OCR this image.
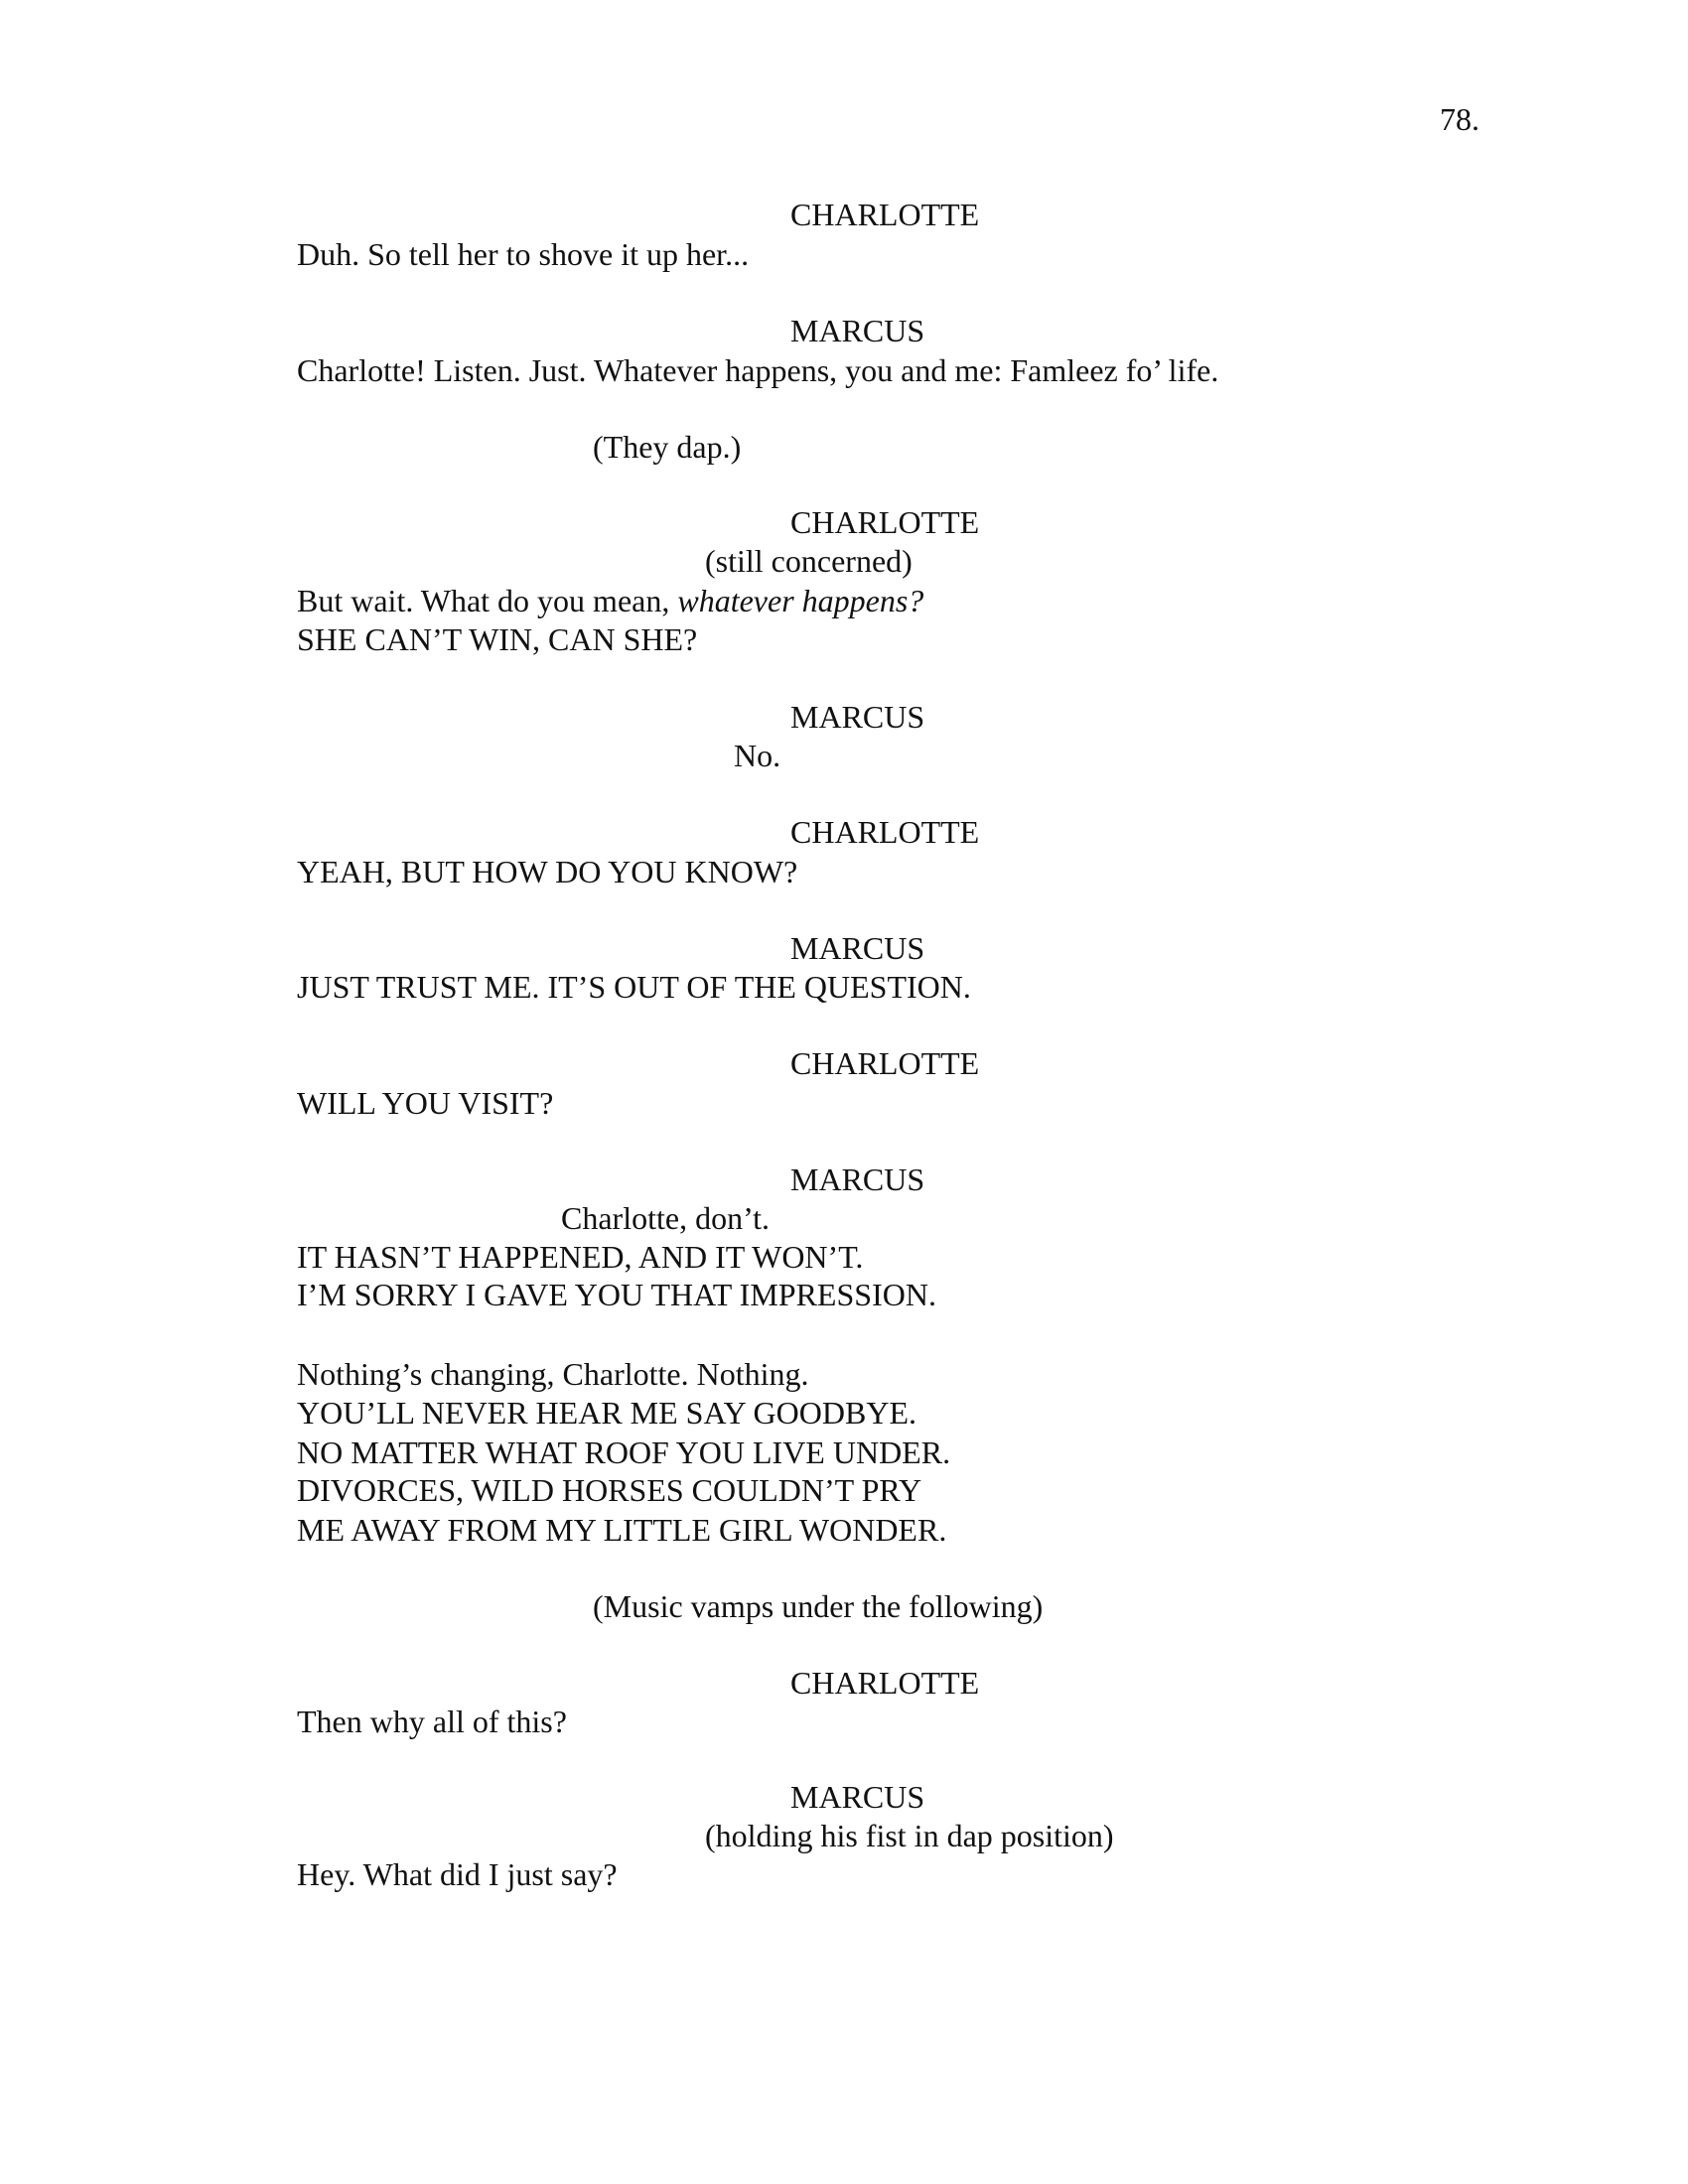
78.
CHARLOTTE
Duh. So tell her to shove it up her...
MARCUS
Charlotte! Listen. Just. Whatever happens, you and me: Famleez fo’ life.
(They dap.)
CHARLOTTE
(still concerned)
But wait. What do you mean, whatever happens?
SHE CAN’T WIN, CAN SHE?
MARCUS
No.
CHARLOTTE
YEAH, BUT HOW DO YOU KNOW?
MARCUS
JUST TRUST ME. IT’S OUT OF THE QUESTION.
CHARLOTTE
WILL YOU VISIT?
MARCUS
Charlotte, don’t.
IT HASN’T HAPPENED, AND IT WON’T.
I’M SORRY I GAVE YOU THAT IMPRESSION.
Nothing’s changing, Charlotte. Nothing.
YOU’LL NEVER HEAR ME SAY GOODBYE.
NO MATTER WHAT ROOF YOU LIVE UNDER.
DIVORCES, WILD HORSES COULDN’T PRY
ME AWAY FROM MY LITTLE GIRL WONDER.
(Music vamps under the following)
CHARLOTTE
Then why all of this?
MARCUS
(holding his fist in dap position)
Hey. What did I just say?
